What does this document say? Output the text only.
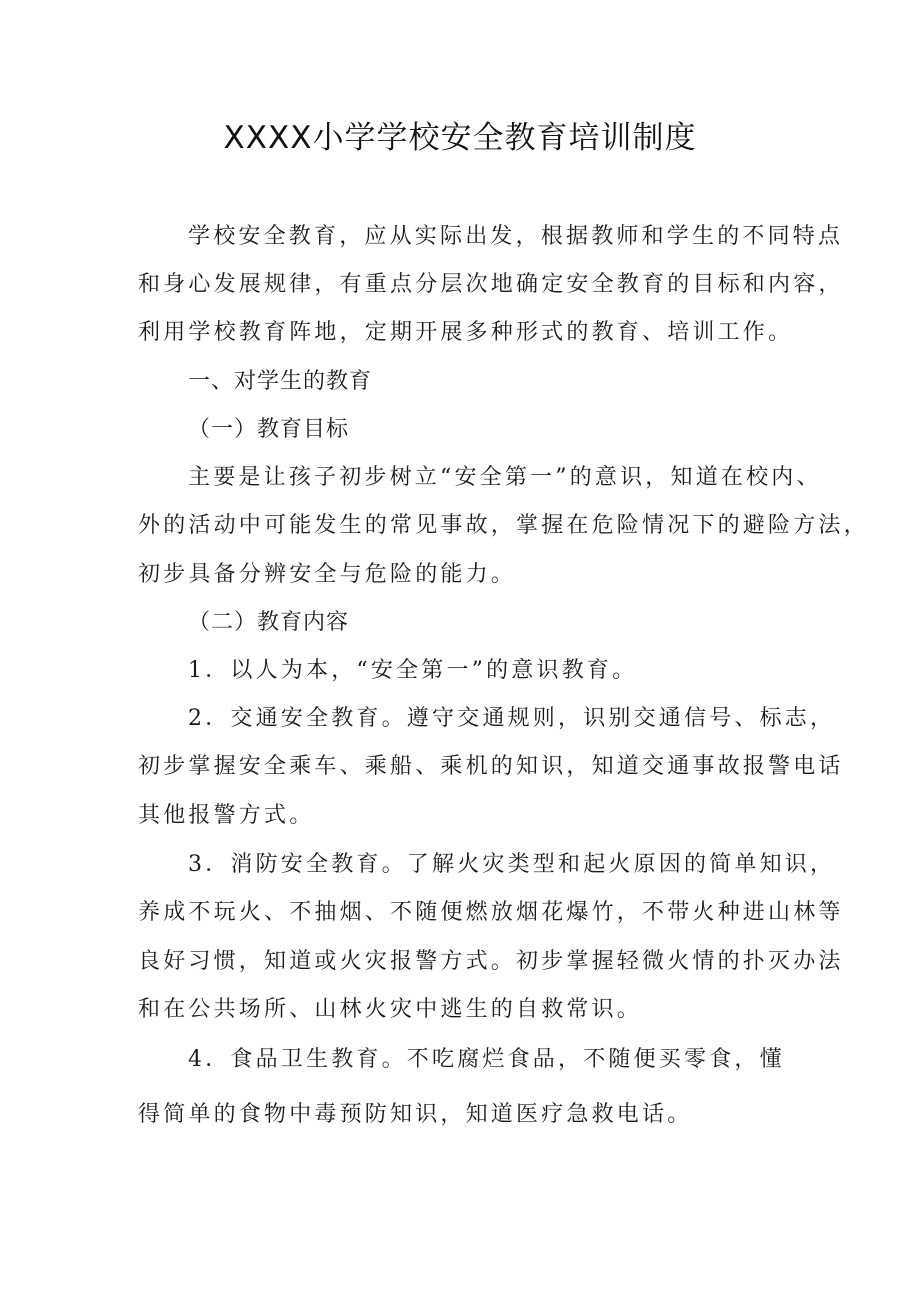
XXXX小学学校安全教育培训制度

学校安全教育，应从实际出发，根据教师和学生的不同特点

和身心发展规律，有重点分层次地确定安全教育的目标和内容，

利用学校教育阵地，定期开展多种形式的教育、培训工作。

一、对学生的教育

（一）教育目标

主要是让孩子初步树立“安全第一”的意识，知道在校内、

外的活动中可能发生的常见事故，掌握在危险情况下的避险方法，

初步具备分辨安全与危险的能力。

（二）教育内容

1．以人为本，“安全第一”的意识教育。

2．交通安全教育。遵守交通规则，识别交通信号、标志，

初步掌握安全乘车、乘船、乘机的知识，知道交通事故报警电话

其他报警方式。

3．消防安全教育。了解火灾类型和起火原因的简单知识，

养成不玩火、不抽烟、不随便燃放烟花爆竹，不带火种进山林等

良好习惯，知道或火灾报警方式。初步掌握轻微火情的扑灭办法

和在公共场所、山林火灾中逃生的自救常识。

4．食品卫生教育。不吃腐烂食品，不随便买零食，懂

得简单的食物中毒预防知识，知道医疗急救电话。
